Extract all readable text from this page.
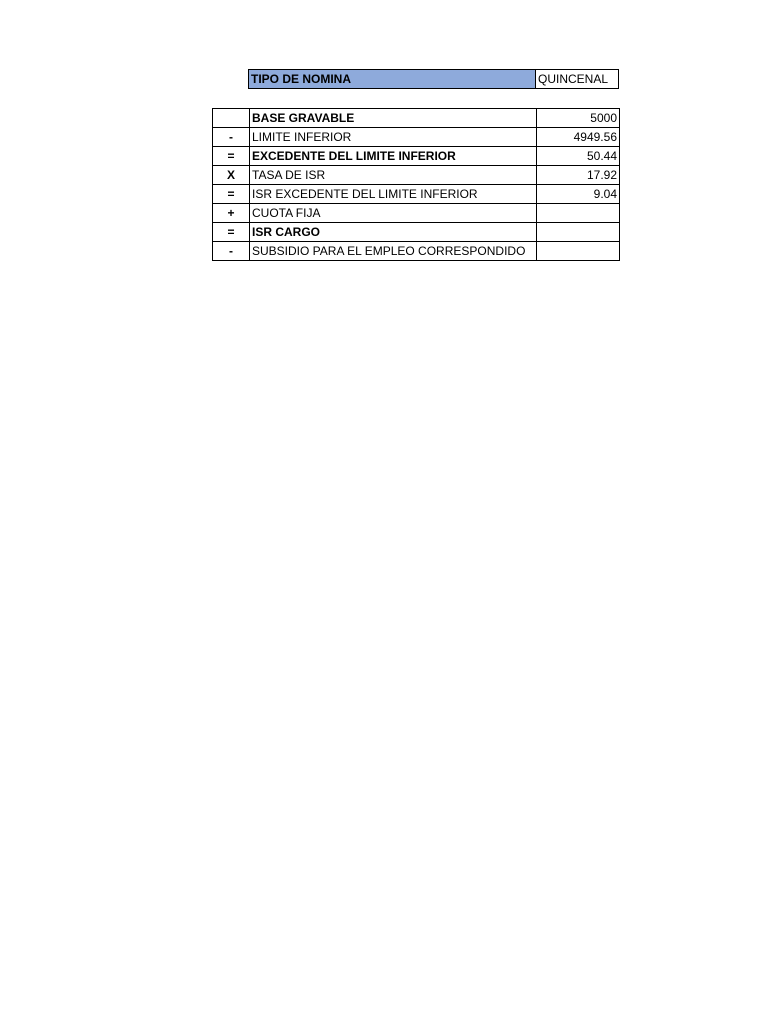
TIPO DE NOMINA	QUINCENAL
	BASE GRAVABLE	5000
-	LIMITE INFERIOR	4949.56
=	EXCEDENTE DEL LIMITE INFERIOR	50.44
X	TASA DE ISR	17.92
=	ISR EXCEDENTE DEL LIMITE INFERIOR	9.04
+	CUOTA FIJA	
=	ISR CARGO	
-	SUBSIDIO PARA EL EMPLEO CORRESPONDIDO	
